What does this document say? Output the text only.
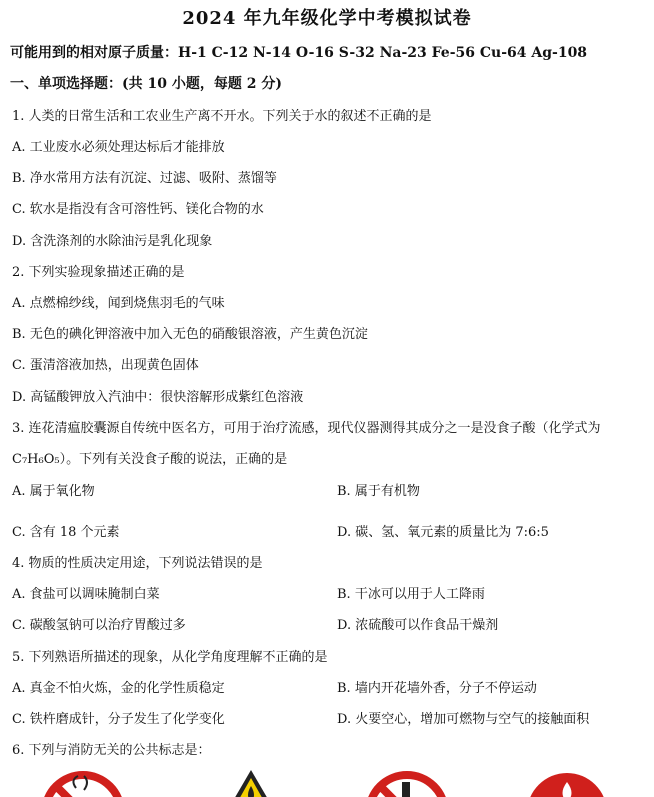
2024 年九年级化学中考模拟试卷
可能用到的相对原子质量：H-1 C-12 N-14 O-16 S-32 Na-23 Fe-56 Cu-64 Ag-108
一、单项选择题：(共 10 小题，每题 2 分)
1. 人类的日常生活和工农业生产离不开水。下列关于水的叙述不正确的是
A. 工业废水必须处理达标后才能排放
B. 净水常用方法有沉淀、过滤、吸附、蒸馏等
C. 软水是指没有含可溶性钙、镁化合物的水
D. 含洗涤剂的水除油污是乳化现象
2. 下列实验现象描述正确的是
A. 点燃棉纱线，闻到烧焦羽毛的气味
B. 无色的碘化钾溶液中加入无色的硝酸银溶液，产生黄色沉淀
C. 蛋清溶液加热，出现黄色固体
D. 高锰酸钾放入汽油中：很快溶解形成紫红色溶液
3. 连花清瘟胶囊源自传统中医名方，可用于治疗流感，现代仪器测得其成分之一是没食子酸（化学式为
C₇H₆O₅）。下列有关没食子酸的说法，正确的是
A. 属于氧化物	B. 属于有机物
C. 含有 18 个元素	D. 碳、氢、氧元素的质量比为 7:6:5
4. 物质的性质决定用途，下列说法错误的是
A. 食盐可以调味腌制白菜	B. 干冰可以用于人工降雨
C. 碳酸氢钠可以治疗胃酸过多	D. 浓硫酸可以作食品干燥剂
5. 下列熟语所描述的现象，从化学角度理解不正确的是
A. 真金不怕火炼，金的化学性质稳定	B. 墙内开花墙外香，分子不停运动
C. 铁杵磨成针，分子发生了化学变化	D. 火要空心，增加可燃物与空气的接触面积
6. 下列与消防无关的公共标志是：
